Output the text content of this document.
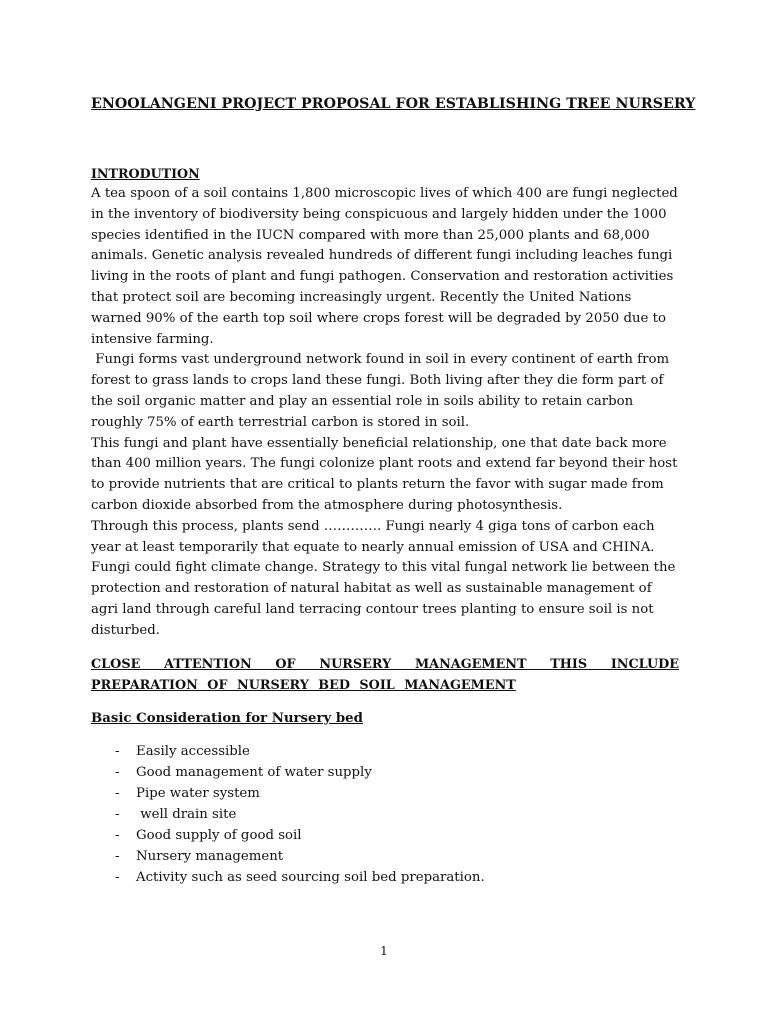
ENOOLANGENI PROJECT PROPOSAL FOR ESTABLISHING TREE NURSERY
INTRODUTION

A tea spoon of a soil contains 1,800 microscopic lives of which 400 are fungi neglected in the inventory of biodiversity being conspicuous and largely hidden under the 1000 species identified in the IUCN compared with more than 25,000 plants and 68,000 animals. Genetic analysis revealed hundreds of different fungi including leaches fungi living in the roots of plant and fungi pathogen. Conservation and restoration activities that protect soil are becoming increasingly urgent. Recently the United Nations warned 90% of the earth top soil where crops forest will be degraded by 2050 due to intensive farming.

Fungi forms vast underground network found in soil in every continent of earth from forest to grass lands to crops land these fungi. Both living after they die form part of the soil organic matter and play an essential role in soils ability to retain carbon roughly 75% of earth terrestrial carbon is stored in soil.

This fungi and plant have essentially beneficial relationship, one that date back more than 400 million years. The fungi colonize plant roots and extend far beyond their host to provide nutrients that are critical to plants return the favor with sugar made from carbon dioxide absorbed from the atmosphere during photosynthesis.

Through this process, plants send …………. Fungi nearly 4 giga tons of carbon each year at least temporarily that equate to nearly annual emission of USA and CHINA.

Fungi could fight climate change. Strategy to this vital fungal network lie between the protection and restoration of natural habitat as well as sustainable management of agri land through careful land terracing contour trees planting to ensure soil is not disturbed.

CLOSE ATTENTION OF NURSERY MANAGEMENT THIS INCLUDE PREPARATION OF NURSERY BED SOIL MANAGEMENT
Basic Consideration for Nursery bed
- Easily accessible
- Good management of water supply
- Pipe water system
- well drain site
- Good supply of good soil
- Nursery management
- Activity such as seed sourcing soil bed preparation.
1
